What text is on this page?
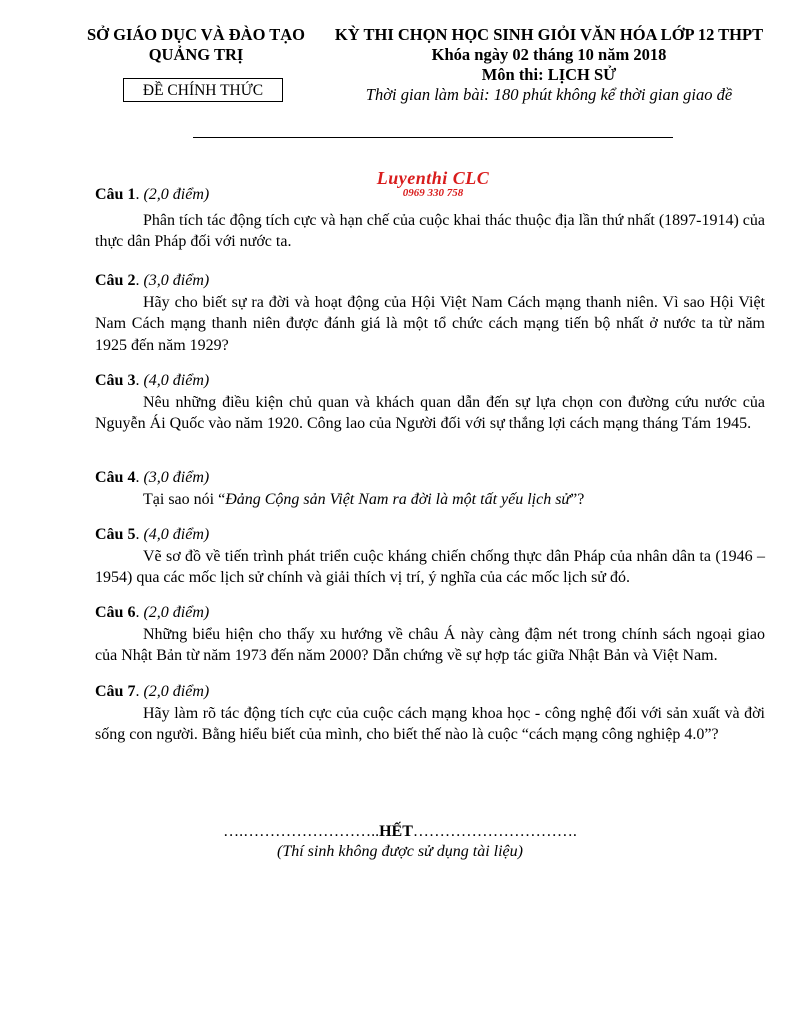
SỞ GIÁO DỤC VÀ ĐÀO TẠO
QUẢNG TRỊ
ĐỀ CHÍNH THỨC
KỲ THI CHỌN HỌC SINH GIỎI VĂN HÓA LỚP 12 THPT
Khóa ngày 02 tháng 10 năm 2018
Môn thi: LỊCH SỬ
Thời gian làm bài: 180 phút không kể thời gian giao đề
Luyenthi CLC
0969 330 758
Câu 1. (2,0 điểm)

Phân tích tác động tích cực và hạn chế của cuộc khai thác thuộc địa lần thứ nhất (1897-1914) của thực dân Pháp đối với nước ta.

Câu 2. (3,0 điểm)

Hãy cho biết sự ra đời và hoạt động của Hội Việt Nam Cách mạng thanh niên. Vì sao Hội Việt Nam Cách mạng thanh niên được đánh giá là một tổ chức cách mạng tiến bộ nhất ở nước ta từ năm 1925 đến năm 1929?

Câu 3. (4,0 điểm)

Nêu những điều kiện chủ quan và khách quan dẫn đến sự lựa chọn con đường cứu nước của Nguyễn Ái Quốc vào năm 1920. Công lao của Người đối với sự thắng lợi cách mạng tháng Tám 1945.

Câu 4. (3,0 điểm)

Tại sao nói “Đảng Cộng sản Việt Nam ra đời là một tất yếu lịch sử”?

Câu 5. (4,0 điểm)

Vẽ sơ đồ về tiến trình phát triển cuộc kháng chiến chống thực dân Pháp của nhân dân ta (1946 – 1954) qua các mốc lịch sử chính và giải thích vị trí, ý nghĩa của các mốc lịch sử đó.

Câu 6. (2,0 điểm)

Những biểu hiện cho thấy xu hướng về châu Á này càng đậm nét trong chính sách ngoại giao của Nhật Bản từ năm 1973 đến năm 2000? Dẫn chứng về sự hợp tác giữa Nhật Bản và Việt Nam.

Câu 7. (2,0 điểm)

Hãy làm rõ tác động tích cực của cuộc cách mạng khoa học - công nghệ đối với sản xuất và đời sống con người. Bằng hiểu biết của mình, cho biết thế nào là cuộc “cách mạng công nghiệp 4.0”?

….……………………..HẾT………………………….
(Thí sinh không được sử dụng tài liệu)
